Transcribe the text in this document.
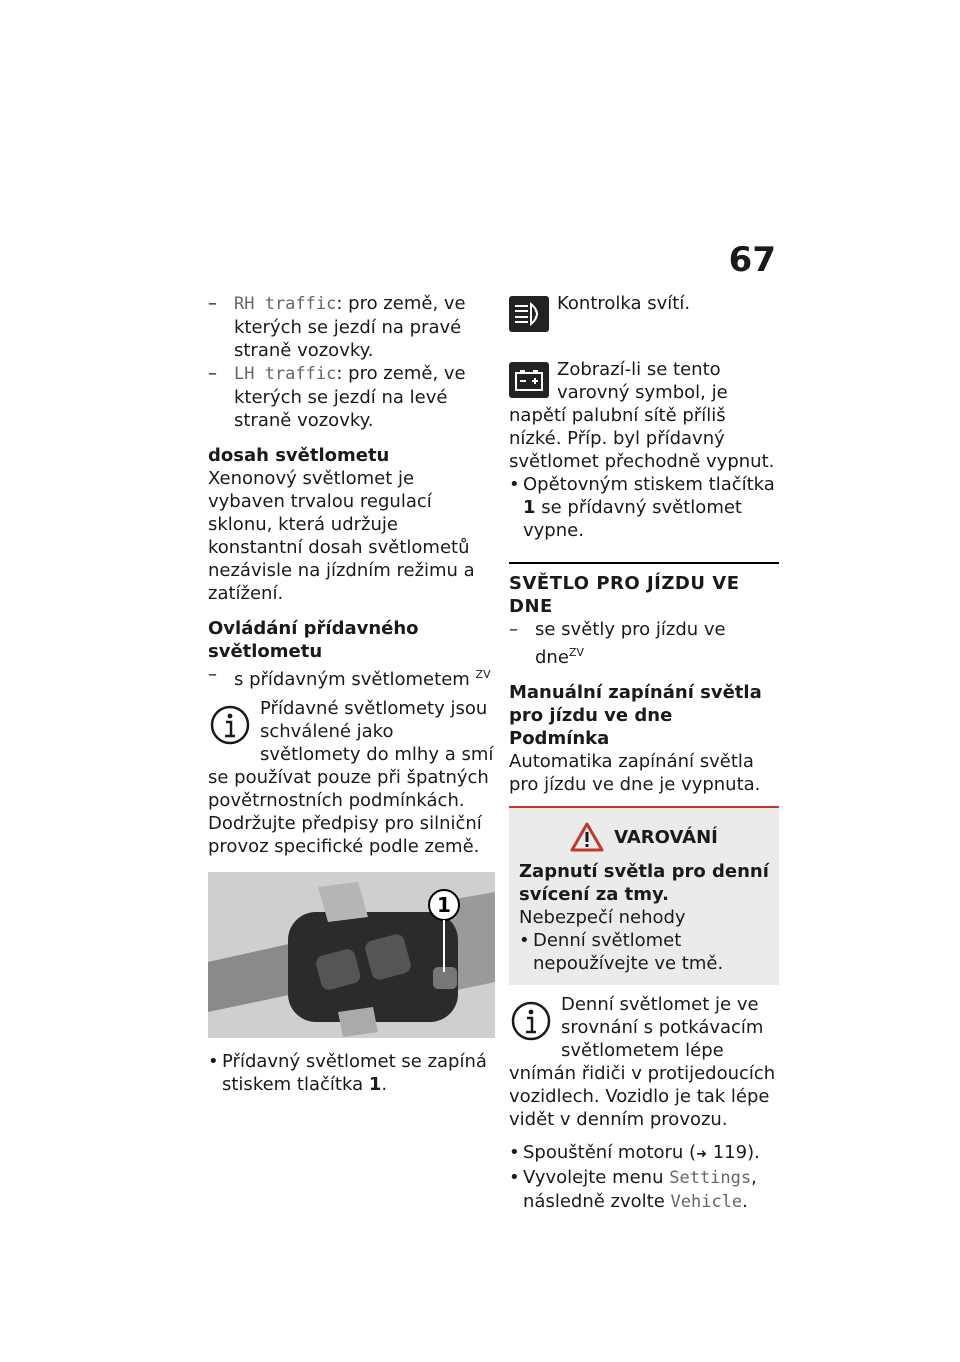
67
–	RH traffic: pro země, ve kterých se jezdí na pravé straně vozovky.
–	LH traffic: pro země, ve kterých se jezdí na levé straně vozovky.
dosah světlometu
Xenonový světlomet je vybaven trvalou regulací sklonu, která udržuje konstantní dosah světlometů nezávisle na jízdním režimu a zatížení.
Ovládání přídavného světlometu
– s přídavným světlometem $^{ZV}$
Přídavné světlomety jsou schválené jako světlomety do mlhy a smí se používat pouze při špatných povětrnostních podmínkách. Dodržujte předpisy pro silniční provoz specifické podle země.
1
• Přídavný světlomet se zapíná stiskem tlačítka 1.
Kontrolka svítí.
Zobrazí-li se tento varovný symbol, je napětí palubní sítě příliš nízké. Příp. byl přídavný světlomet přechodně vypnut.
• Opětovným stiskem tlačítka 1 se přídavný světlomet vypne.
SVĚTLO PRO JÍZDU VE DNE
– se světly pro jízdu ve dne$^{ZV}$
Manuální zapínání světla pro jízdu ve dne
Podmínka
Automatika zapínání světla pro jízdu ve dne je vypnuta.
VAROVÁNÍ
Zapnutí světla pro denní svícení za tmy.
Nebezpečí nehody
• Denní světlomet nepoužívejte ve tmě.
Denní světlomet je ve srovnání s potkávacím světlometem lépe vnímán řidiči v protijedoucích vozidlech. Vozidlo je tak lépe vidět v denním provozu.
• Spouštění motoru (➜ 119).
• Vyvolejte menu Settings, následně zvolte Vehicle.
